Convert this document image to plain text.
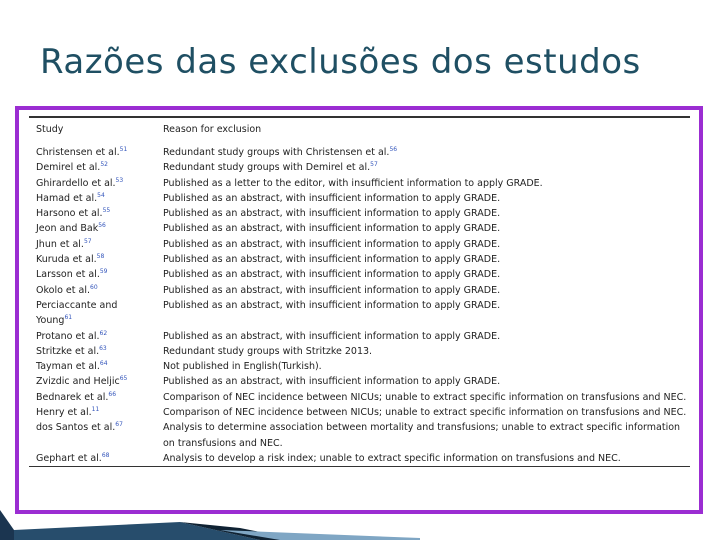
Razões das exclusões dos estudos
Study	Reason for exclusion
Christensen et al.$^{51}$	Redundant study groups with Christensen et al.$^{56}$
Demirel et al.$^{52}$	Redundant study groups with Demirel et al.$^{57}$
Ghirardello et al.$^{53}$	Published as a letter to the editor, with insufficient information to apply GRADE.
Hamad et al.$^{54}$	Published as an abstract, with insufficient information to apply GRADE.
Harsono et al.$^{55}$	Published as an abstract, with insufficient information to apply GRADE.
Jeon and Bak$^{56}$	Published as an abstract, with insufficient information to apply GRADE.
Jhun et al.$^{57}$	Published as an abstract, with insufficient information to apply GRADE.
Kuruda et al.$^{58}$	Published as an abstract, with insufficient information to apply GRADE.
Larsson et al.$^{59}$	Published as an abstract, with insufficient information to apply GRADE.
Okolo et al.$^{60}$	Published as an abstract, with insufficient information to apply GRADE.
Perciaccante and Young$^{61}$	Published as an abstract, with insufficient information to apply GRADE.
Protano et al.$^{62}$	Published as an abstract, with insufficient information to apply GRADE.
Stritzke et al.$^{63}$	Redundant study groups with Stritzke 2013.
Tayman et al.$^{64}$	Not published in English(Turkish).
Zvizdic and Heljic$^{65}$	Published as an abstract, with insufficient information to apply GRADE.
Bednarek et al.$^{66}$	Comparison of NEC incidence between NICUs; unable to extract specific information on transfusions and NEC.
Henry et al.$^{11}$	Comparison of NEC incidence between NICUs; unable to extract specific information on transfusions and NEC.
dos Santos et al.$^{67}$	Analysis to determine association between mortality and transfusions; unable to extract specific information on transfusions and NEC.
Gephart et al.$^{68}$	Analysis to develop a risk index; unable to extract specific information on transfusions and NEC.
